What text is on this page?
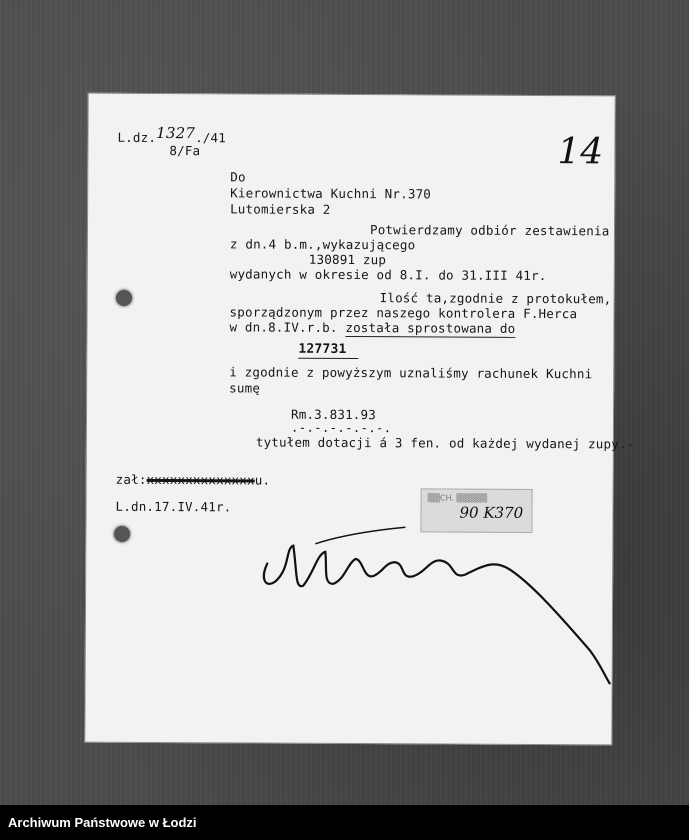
L.dz.1327./41
8/Fa	14
Do
Kierownictwa Kuchni Nr.370
Lutomierska 2
Potwierdzamy odbiór zestawienia
z dn.4 b.m.,wykazującego
130891 zup
wydanych w okresie od 8.I. do 31.III 41r.
Ilość ta,zgodnie z protokułem,
sporządzonym przez naszego kontrolera F.Herca
w dn.8.IV.r.b. została sprostowana do
127731
i zgodnie z powyższym uznaliśmy rachunek Kuchni
sumę
Rm.3.831.93
.-.-.-.-.-.-.
tytułem dotacji á 3 fen. od każdej wydanej zupy.-
zał:xxxxxxxxxxxxxxu.
L.dn.17.IV.41r.
▒▒CH. ▒▒▒▒▒
90 K370
Archiwum Państwowe w Łodzi
